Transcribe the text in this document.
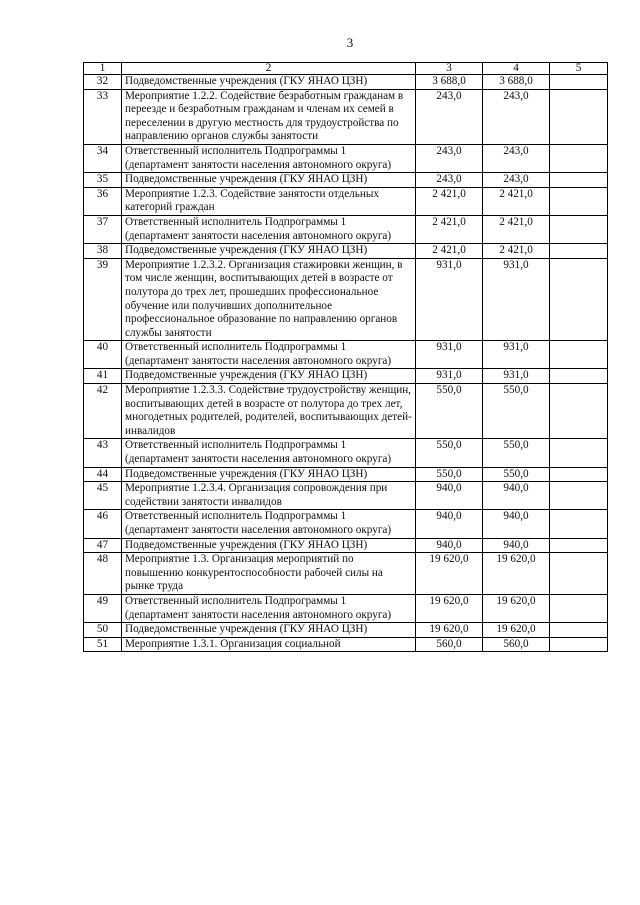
3
1	2	3	4	5
32	Подведомственные учреждения (ГКУ ЯНАО ЦЗН)	3 688,0	3 688,0	
33	Мероприятие 1.2.2. Содействие безработным гражданам в переезде и безработным гражданам и членам их семей в переселении в другую местность для трудоустройства по направлению органов службы занятости	243,0	243,0	
34	Ответственный исполнитель Подпрограммы 1 (департамент занятости населения автономного округа)	243,0	243,0	
35	Подведомственные учреждения (ГКУ ЯНАО ЦЗН)	243,0	243,0	
36	Мероприятие 1.2.3. Содействие занятости отдельных категорий граждан	2 421,0	2 421,0	
37	Ответственный исполнитель Подпрограммы 1 (департамент занятости населения автономного округа)	2 421,0	2 421,0	
38	Подведомственные учреждения (ГКУ ЯНАО ЦЗН)	2 421,0	2 421,0	
39	Мероприятие 1.2.3.2. Организация стажировки женщин, в том числе женщин, воспитывающих детей в возрасте от полутора до трех лет, прошедших профессиональное обучение или получивших дополнительное профессиональное образование по направлению органов службы занятости	931,0	931,0	
40	Ответственный исполнитель Подпрограммы 1 (департамент занятости населения автономного округа)	931,0	931,0	
41	Подведомственные учреждения (ГКУ ЯНАО ЦЗН)	931,0	931,0	
42	Мероприятие 1.2.3.3. Содействие трудоустройству женщин, воспитывающих детей в возрасте от полутора до трех лет, многодетных родителей, родителей, воспитывающих детей-инвалидов	550,0	550,0	
43	Ответственный исполнитель Подпрограммы 1 (департамент занятости населения автономного округа)	550,0	550,0	
44	Подведомственные учреждения (ГКУ ЯНАО ЦЗН)	550,0	550,0	
45	Мероприятие 1.2.3.4. Организация сопровождения при содействии занятости инвалидов	940,0	940,0	
46	Ответственный исполнитель Подпрограммы 1 (департамент занятости населения автономного округа)	940,0	940,0	
47	Подведомственные учреждения (ГКУ ЯНАО ЦЗН)	940,0	940,0	
48	Мероприятие 1.3. Организация мероприятий по повышению конкурентоспособности рабочей силы на рынке труда	19 620,0	19 620,0	
49	Ответственный исполнитель Подпрограммы 1 (департамент занятости населения автономного округа)	19 620,0	19 620,0	
50	Подведомственные учреждения (ГКУ ЯНАО ЦЗН)	19 620,0	19 620,0	
51	Мероприятие 1.3.1. Организация социальной	560,0	560,0	
